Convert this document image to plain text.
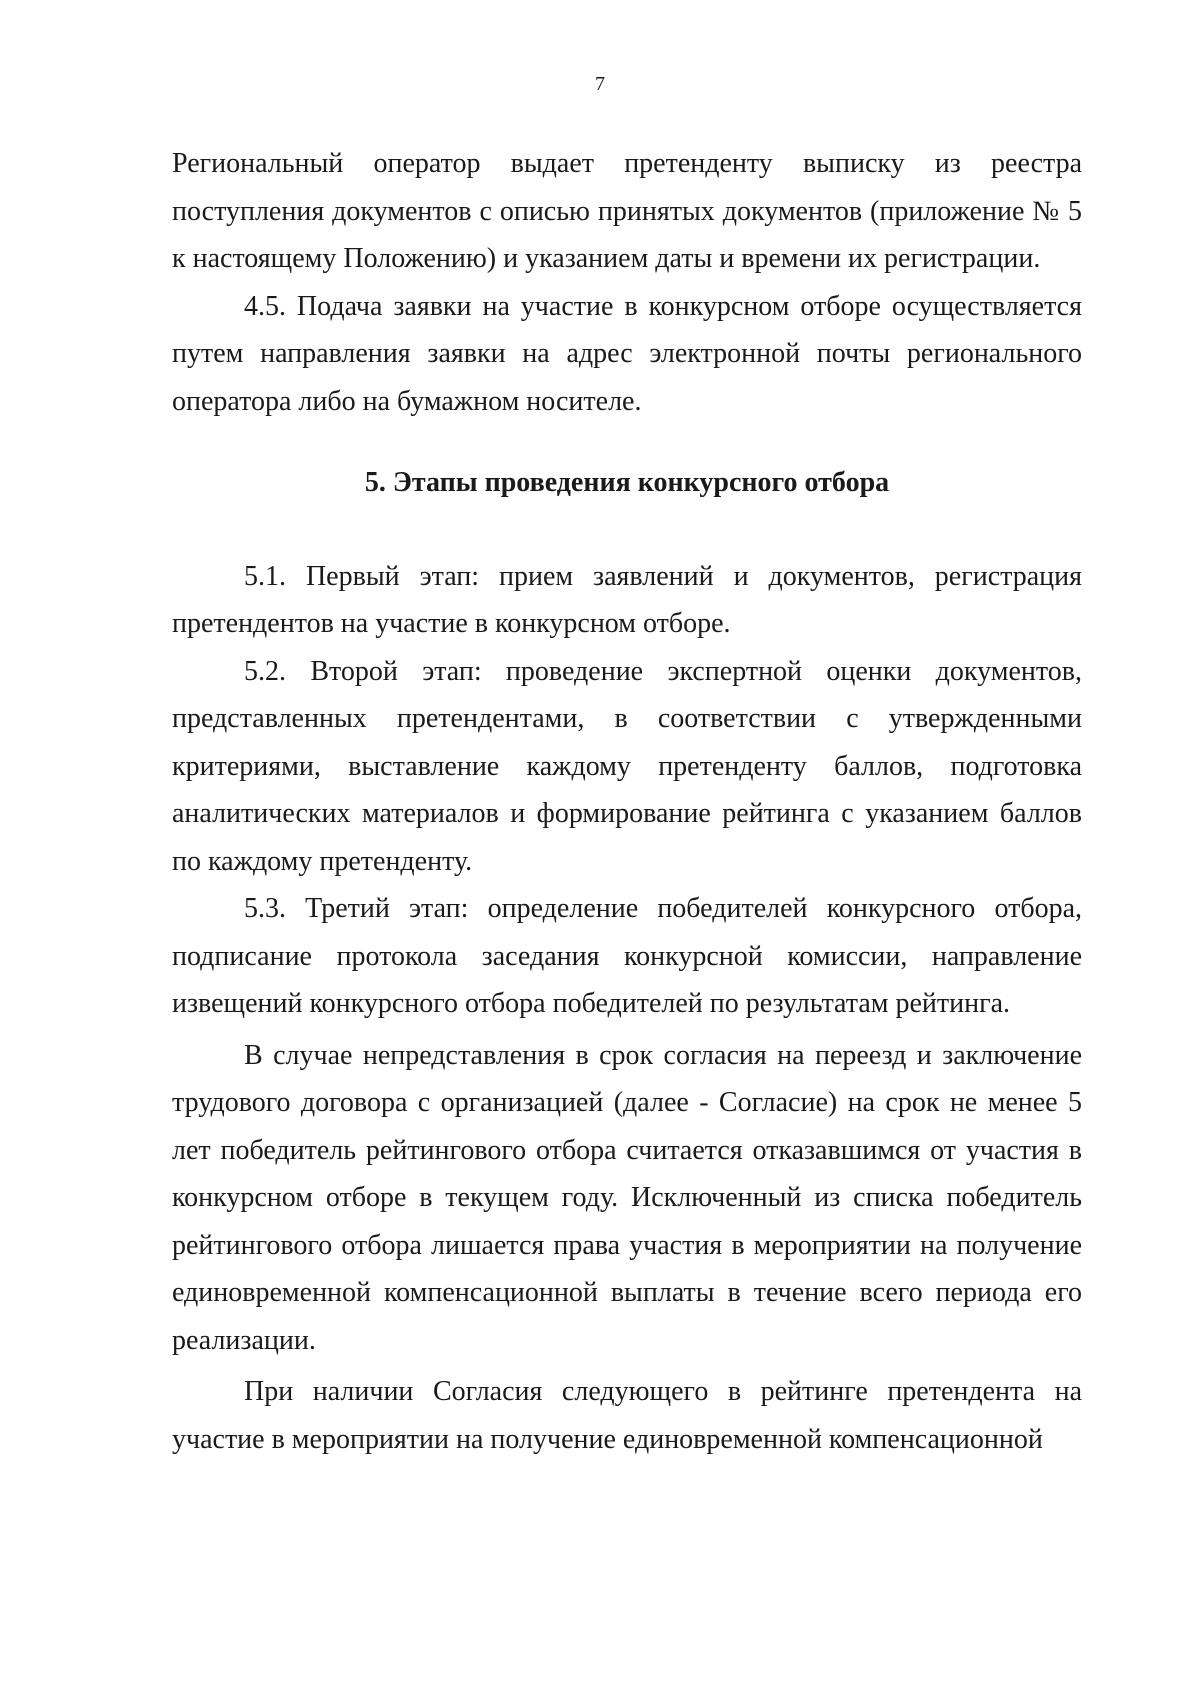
7

Региональный оператор выдает претенденту выписку из реестра поступления документов с описью принятых документов (приложение № 5 к настоящему Положению) и указанием даты и времени их регистрации.

4.5. Подача заявки на участие в конкурсном отборе осуществляется путем направления заявки на адрес электронной почты регионального оператора либо на бумажном носителе.

5. Этапы проведения конкурсного отбора

5.1. Первый этап: прием заявлений и документов, регистрация претендентов на участие в конкурсном отборе.

5.2. Второй этап: проведение экспертной оценки документов, представленных претендентами, в соответствии с утвержденными критериями, выставление каждому претенденту баллов, подготовка аналитических материалов и формирование рейтинга с указанием баллов по каждому претенденту.

5.3. Третий этап: определение победителей конкурсного отбора, подписание протокола заседания конкурсной комиссии, направление извещений конкурсного отбора победителей по результатам рейтинга.

В случае непредставления в срок согласия на переезд и заключение трудового договора с организацией (далее - Согласие) на срок не менее 5 лет победитель рейтингового отбора считается отказавшимся от участия в конкурсном отборе в текущем году. Исключенный из списка победитель рейтингового отбора лишается права участия в мероприятии на получение единовременной компенсационной выплаты в течение всего периода его реализации.

При наличии Согласия следующего в рейтинге претендента на участие в мероприятии на получение единовременной компенсационной
